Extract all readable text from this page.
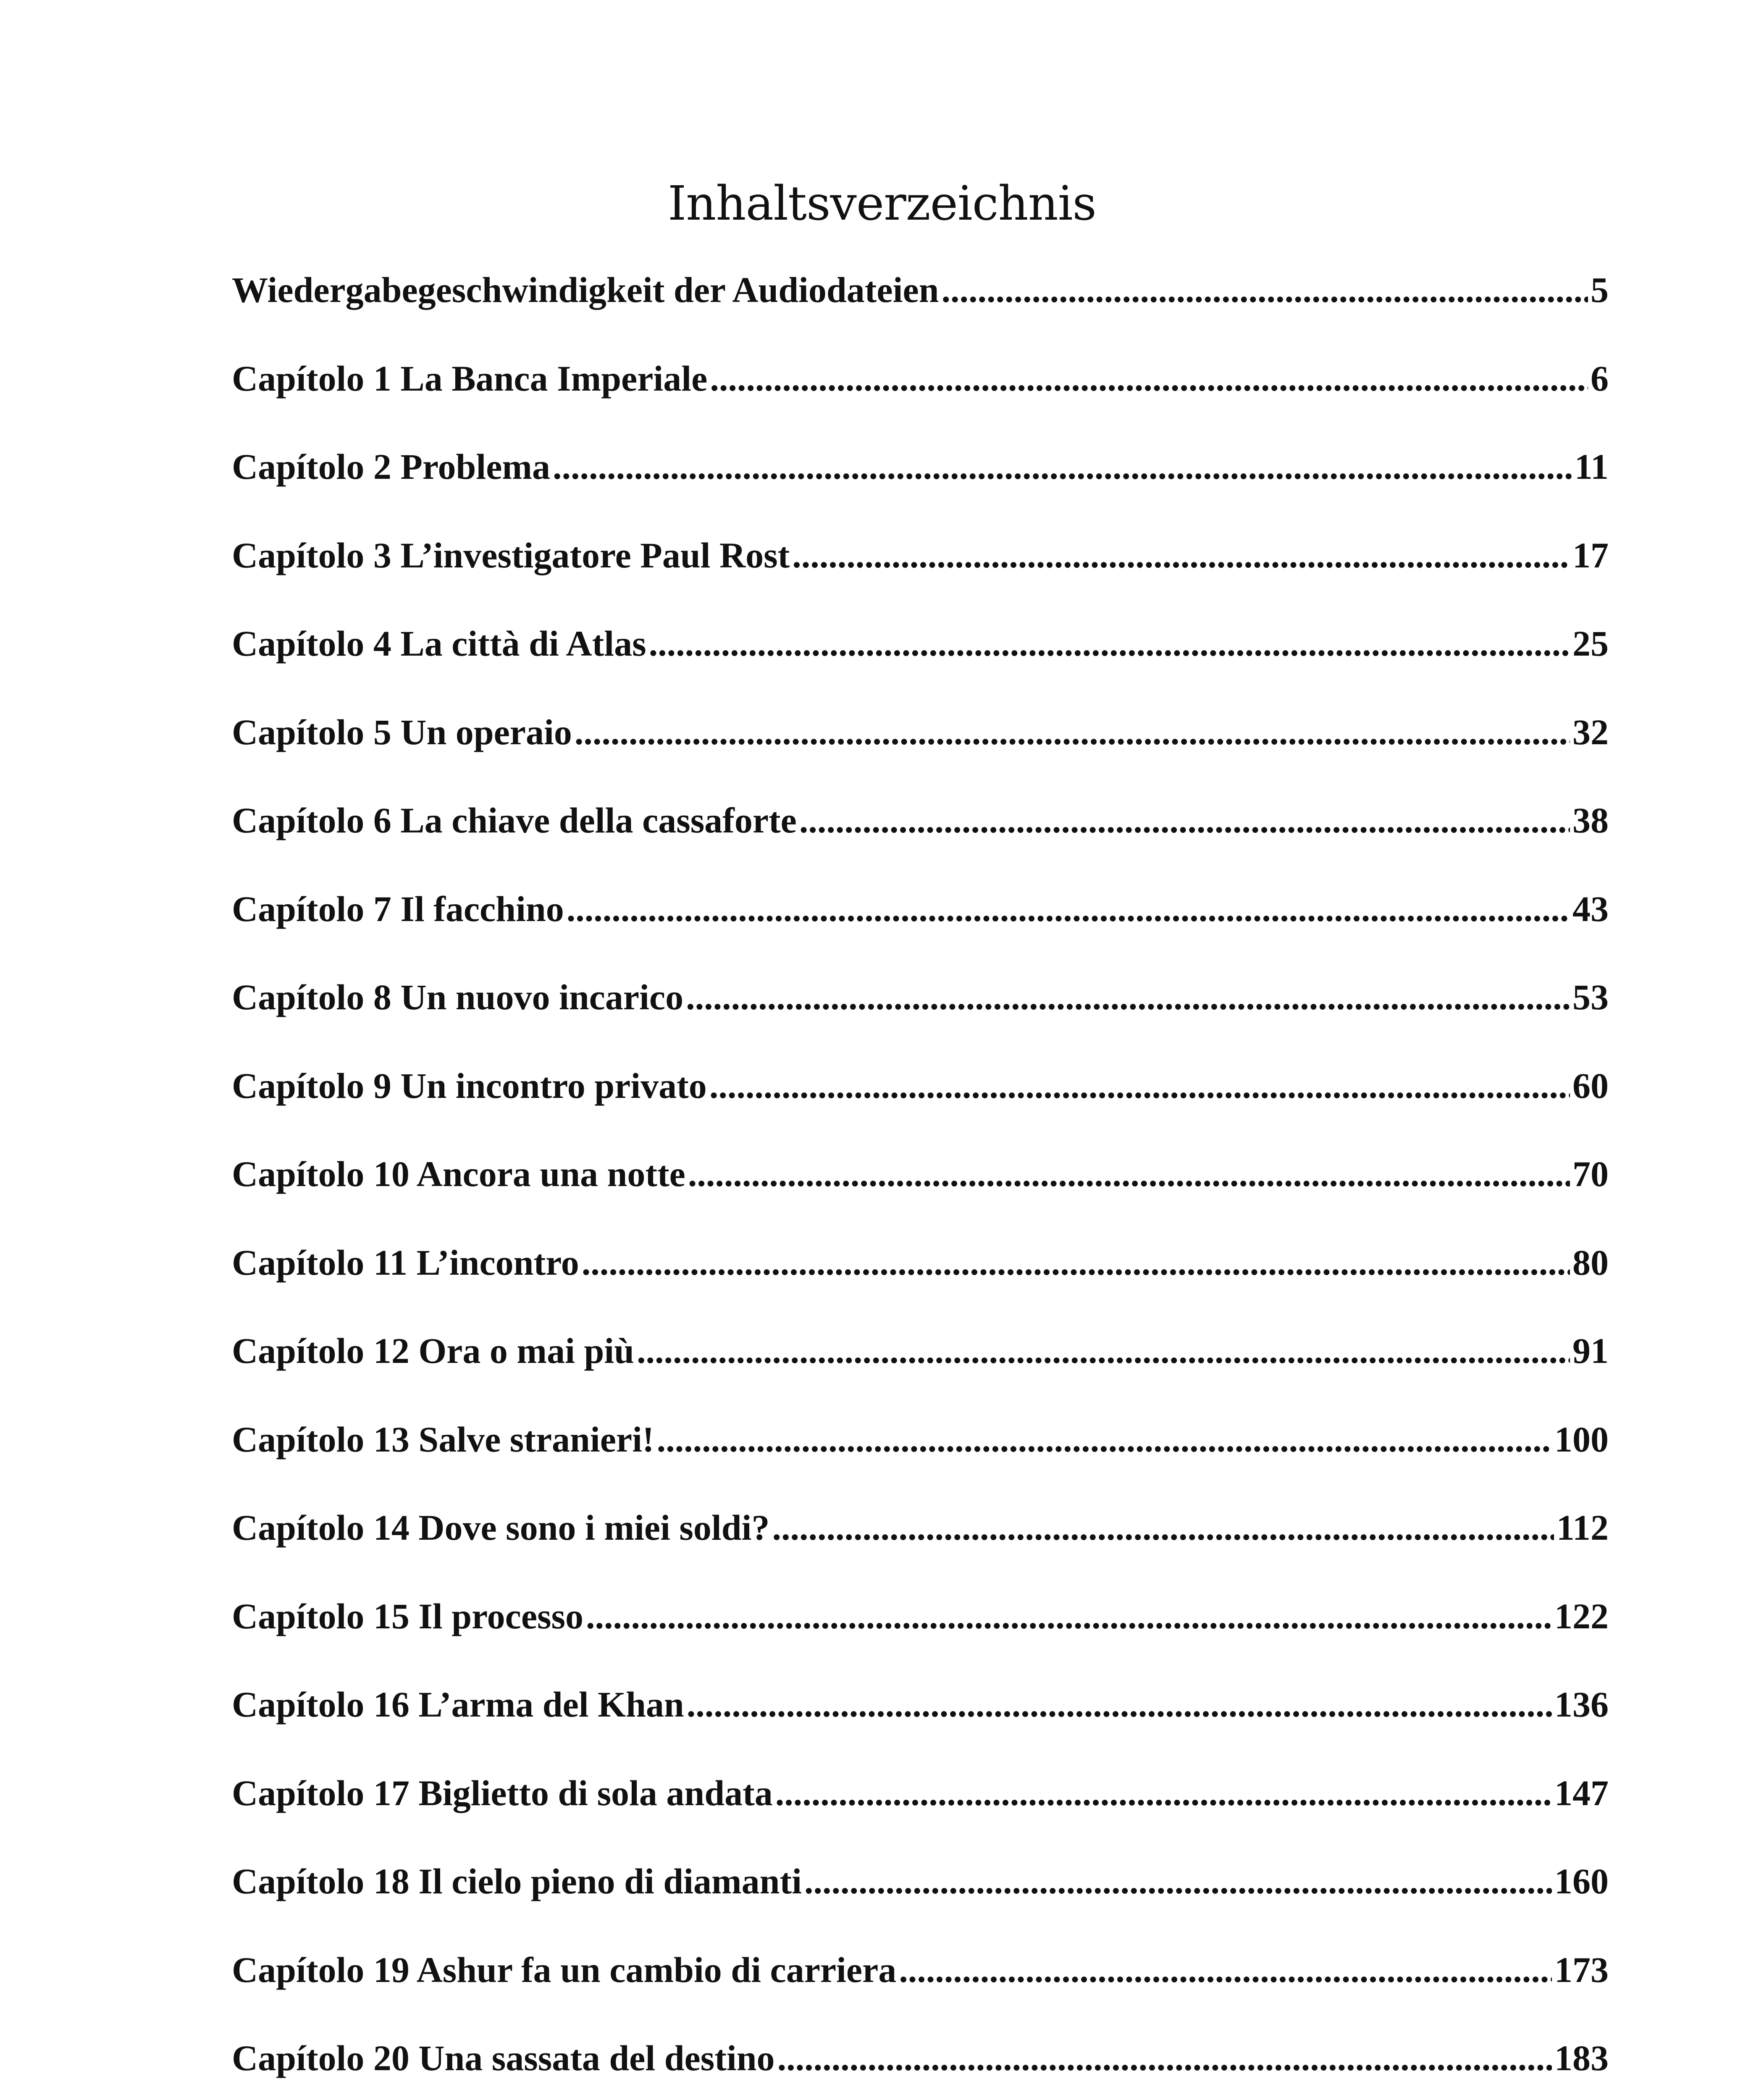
Inhaltsverzeichnis
Wiedergabegeschwindigkeit der Audiodateien .....	5
Capítolo 1 La Banca Imperiale .....	6
Capítolo 2 Problema .....	11
Capítolo 3 L’investigatore Paul Rost .....	17
Capítolo 4 La città di Atlas .....	25
Capítolo 5 Un operaio .....	32
Capítolo 6 La chiave della cassaforte .....	38
Capítolo 7 Il facchino .....	43
Capítolo 8 Un nuovo incarico .....	53
Capítolo 9 Un incontro privato .....	60
Capítolo 10 Ancora una notte .....	70
Capítolo 11 L’incontro .....	80
Capítolo 12 Ora o mai più .....	91
Capítolo 13 Salve stranieri! .....	100
Capítolo 14 Dove sono i miei soldi? .....	112
Capítolo 15 Il processo .....	122
Capítolo 16 L’arma del Khan .....	136
Capítolo 17 Biglietto di sola andata .....	147
Capítolo 18 Il cielo pieno di diamanti .....	160
Capítolo 19 Ashur fa un cambio di carriera .....	173
Capítolo 20 Una sassata del destino .....	183
